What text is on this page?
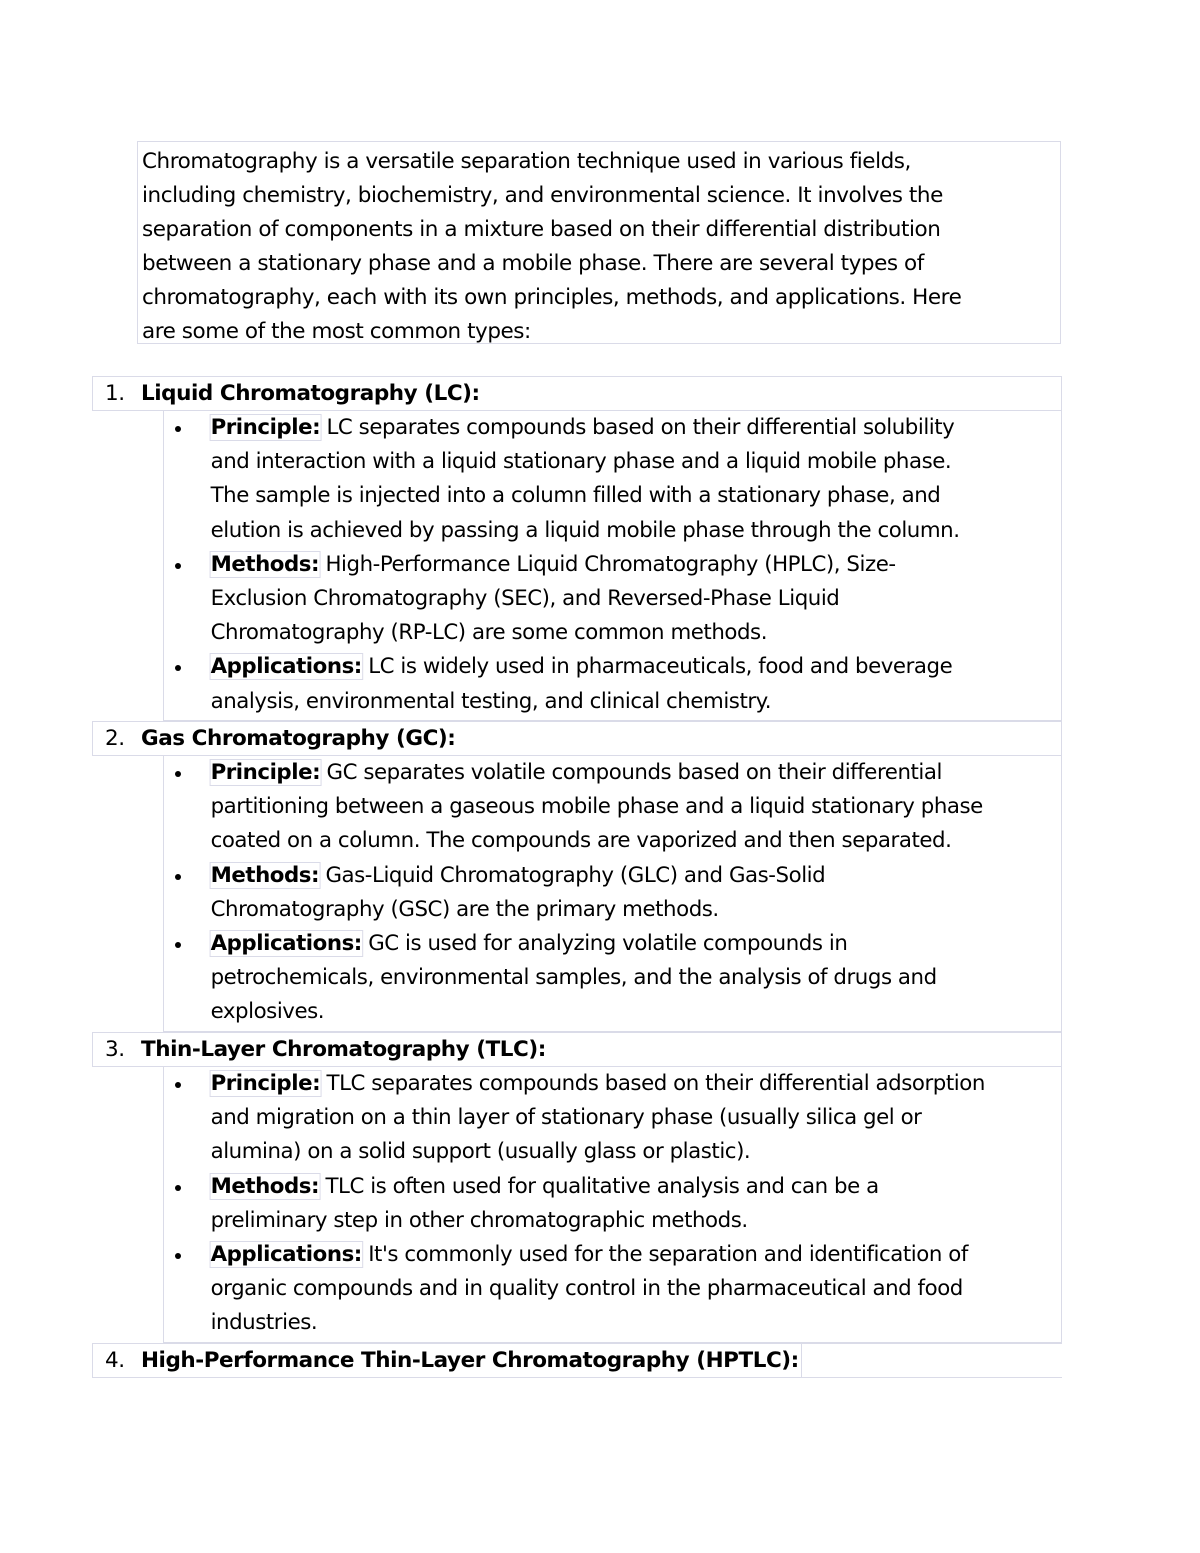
Chromatography is a versatile separation technique used in various fields,
including chemistry, biochemistry, and environmental science. It involves the
separation of components in a mixture based on their differential distribution
between a stationary phase and a mobile phase. There are several types of
chromatography, each with its own principles, methods, and applications. Here
are some of the most common types:
1. Liquid Chromatography (LC):
Principle: LC separates compounds based on their differential solubility
and interaction with a liquid stationary phase and a liquid mobile phase.
The sample is injected into a column filled with a stationary phase, and
elution is achieved by passing a liquid mobile phase through the column.
Methods: High-Performance Liquid Chromatography (HPLC), Size-
Exclusion Chromatography (SEC), and Reversed-Phase Liquid
Chromatography (RP-LC) are some common methods.
Applications: LC is widely used in pharmaceuticals, food and beverage
analysis, environmental testing, and clinical chemistry.
2. Gas Chromatography (GC):
Principle: GC separates volatile compounds based on their differential
partitioning between a gaseous mobile phase and a liquid stationary phase
coated on a column. The compounds are vaporized and then separated.
Methods: Gas-Liquid Chromatography (GLC) and Gas-Solid
Chromatography (GSC) are the primary methods.
Applications: GC is used for analyzing volatile compounds in
petrochemicals, environmental samples, and the analysis of drugs and
explosives.
3. Thin-Layer Chromatography (TLC):
Principle: TLC separates compounds based on their differential adsorption
and migration on a thin layer of stationary phase (usually silica gel or
alumina) on a solid support (usually glass or plastic).
Methods: TLC is often used for qualitative analysis and can be a
preliminary step in other chromatographic methods.
Applications: It's commonly used for the separation and identification of
organic compounds and in quality control in the pharmaceutical and food
industries.
4. High-Performance Thin-Layer Chromatography (HPTLC):
